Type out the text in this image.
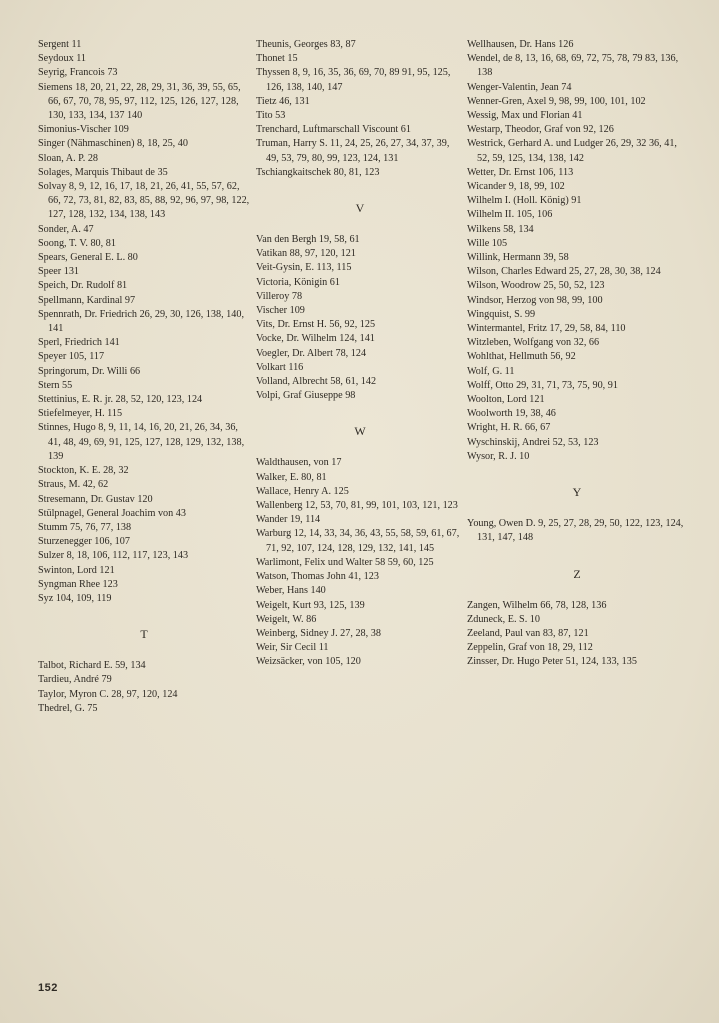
Sergent 11

Seydoux 11

Seyrig, Francois 73

Siemens 18, 20, 21, 22, 28, 29, 31, 36, 39, 55, 65, 66, 67, 70, 78, 95, 97, 112, 125, 126, 127, 128, 130, 133, 134, 137 140

Simonius-Vischer 109

Singer (Nähmaschinen) 8, 18, 25, 40

Sloan, A. P. 28

Solages, Marquis Thibaut de 35

Solvay 8, 9, 12, 16, 17, 18, 21, 26, 41, 55, 57, 62, 66, 72, 73, 81, 82, 83, 85, 88, 92, 96, 97, 98, 122, 127, 128, 132, 134, 138, 143

Sonder, A. 47

Soong, T. V. 80, 81

Spears, General E. L. 80

Speer 131

Speich, Dr. Rudolf 81

Spellmann, Kardinal 97

Spennrath, Dr. Friedrich 26, 29, 30, 126, 138, 140, 141

Sperl, Friedrich 141

Speyer 105, 117

Springorum, Dr. Willi 66

Stern 55

Stettinius, E. R. jr. 28, 52, 120, 123, 124

Stiefelmeyer, H. 115

Stinnes, Hugo 8, 9, 11, 14, 16, 20, 21, 26, 34, 36, 41, 48, 49, 69, 91, 125, 127, 128, 129, 132, 138, 139

Stockton, K. E. 28, 32

Straus, M. 42, 62

Stresemann, Dr. Gustav 120

Stülpnagel, General Joachim von 43

Stumm 75, 76, 77, 138

Sturzenegger 106, 107

Sulzer 8, 18, 106, 112, 117, 123, 143

Swinton, Lord 121

Syngman Rhee 123

Syz 104, 109, 119

T

Talbot, Richard E. 59, 134

Tardieu, André 79

Taylor, Myron C. 28, 97, 120, 124

Thedrel, G. 75

Theunis, Georges 83, 87

Thonet 15

Thyssen 8, 9, 16, 35, 36, 69, 70, 89 91, 95, 125, 126, 138, 140, 147

Tietz 46, 131

Tito 53

Trenchard, Luftmarschall Viscount 61

Truman, Harry S. 11, 24, 25, 26, 27, 34, 37, 39, 49, 53, 79, 80, 99, 123, 124, 131

Tschiangkaitschek 80, 81, 123

V

Van den Bergh 19, 58, 61

Vatikan 88, 97, 120, 121

Veit-Gysin, E. 113, 115

Victoria, Königin 61

Villeroy 78

Vischer 109

Vits, Dr. Ernst H. 56, 92, 125

Vocke, Dr. Wilhelm 124, 141

Voegler, Dr. Albert 78, 124

Volkart 116

Volland, Albrecht 58, 61, 142

Volpi, Graf Giuseppe 98

W

Waldthausen, von 17

Walker, E. 80, 81

Wallace, Henry A. 125

Wallenberg 12, 53, 70, 81, 99, 101, 103, 121, 123

Wander 19, 114

Warburg 12, 14, 33, 34, 36, 43, 55, 58, 59, 61, 67, 71, 92, 107, 124, 128, 129, 132, 141, 145

Warlimont, Felix und Walter 58 59, 60, 125

Watson, Thomas John 41, 123

Weber, Hans 140

Weigelt, Kurt 93, 125, 139

Weigelt, W. 86

Weinberg, Sidney J. 27, 28, 38

Weir, Sir Cecil 11

Weizsäcker, von 105, 120

Wellhausen, Dr. Hans 126

Wendel, de 8, 13, 16, 68, 69, 72, 75, 78, 79 83, 136, 138

Wenger-Valentin, Jean 74

Wenner-Gren, Axel 9, 98, 99, 100, 101, 102

Wessig, Max und Florian 41

Westarp, Theodor, Graf von 92, 126

Westrick, Gerhard A. und Ludger 26, 29, 32 36, 41, 52, 59, 125, 134, 138, 142

Wetter, Dr. Ernst 106, 113

Wicander 9, 18, 99, 102

Wilhelm I. (Holl. König) 91

Wilhelm II. 105, 106

Wilkens 58, 134

Wille 105

Willink, Hermann 39, 58

Wilson, Charles Edward 25, 27, 28, 30, 38, 124

Wilson, Woodrow 25, 50, 52, 123

Windsor, Herzog von 98, 99, 100

Wingquist, S. 99

Wintermantel, Fritz 17, 29, 58, 84, 110

Witzleben, Wolfgang von 32, 66

Wohlthat, Hellmuth 56, 92

Wolf, G. 11

Wolff, Otto 29, 31, 71, 73, 75, 90, 91

Woolton, Lord 121

Woolworth 19, 38, 46

Wright, H. R. 66, 67

Wyschinskij, Andrei 52, 53, 123

Wysor, R. J. 10

Y

Young, Owen D. 9, 25, 27, 28, 29, 50, 122, 123, 124, 131, 147, 148

Z

Zangen, Wilhelm 66, 78, 128, 136

Zduneck, E. S. 10

Zeeland, Paul van 83, 87, 121

Zeppelin, Graf von 18, 29, 112

Zinsser, Dr. Hugo Peter 51, 124, 133, 135

152
